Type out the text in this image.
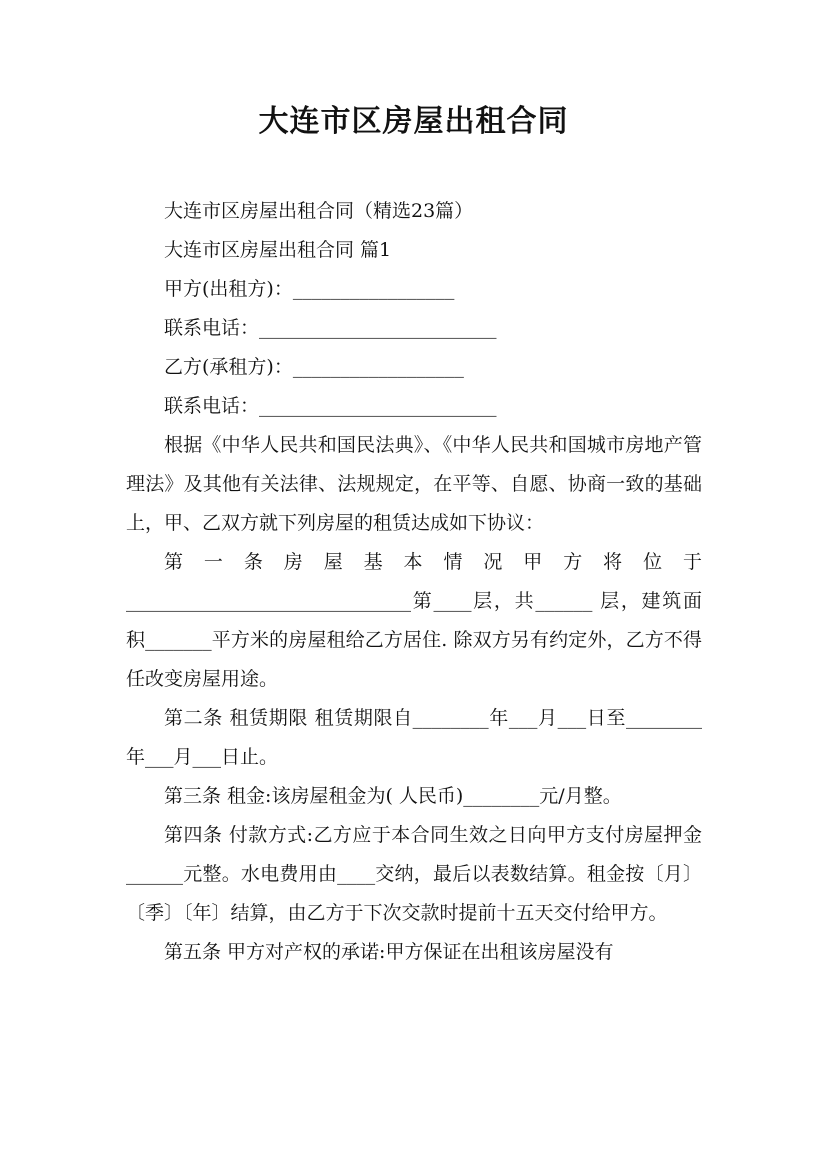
大连市区房屋出租合同

大连市区房屋出租合同（精选23篇）

大连市区房屋出租合同 篇1

甲方(出租方)：_________________

联系电话：_________________________

乙方(承租方)：__________________

联系电话：_________________________

根据《中华人民共和国民法典》、《中华人民共和国城市房地产管理法》及其他有关法律、法规规定，在平等、自愿、协商一致的基础上，甲、乙双方就下列房屋的租赁达成如下协议：

第 一 条 房 屋 基 本 情 况 甲 方 将 位 于 ______________________________第____层，共______ 层，建筑面积_______平方米的房屋租给乙方居住. 除双方另有约定外，乙方不得任改变房屋用途。

第二条 租赁期限 租赁期限自________年___月___日至________年___月___日止。

第三条 租金:该房屋租金为( 人民币)________元/月整。

第四条 付款方式:乙方应于本合同生效之日向甲方支付房屋押金______元整。水电费用由____交纳，最后以表数结算。租金按〔月〕〔季〕〔年〕结算，由乙方于下次交款时提前十五天交付给甲方。

第五条 甲方对产权的承诺:甲方保证在出租该房屋没有
